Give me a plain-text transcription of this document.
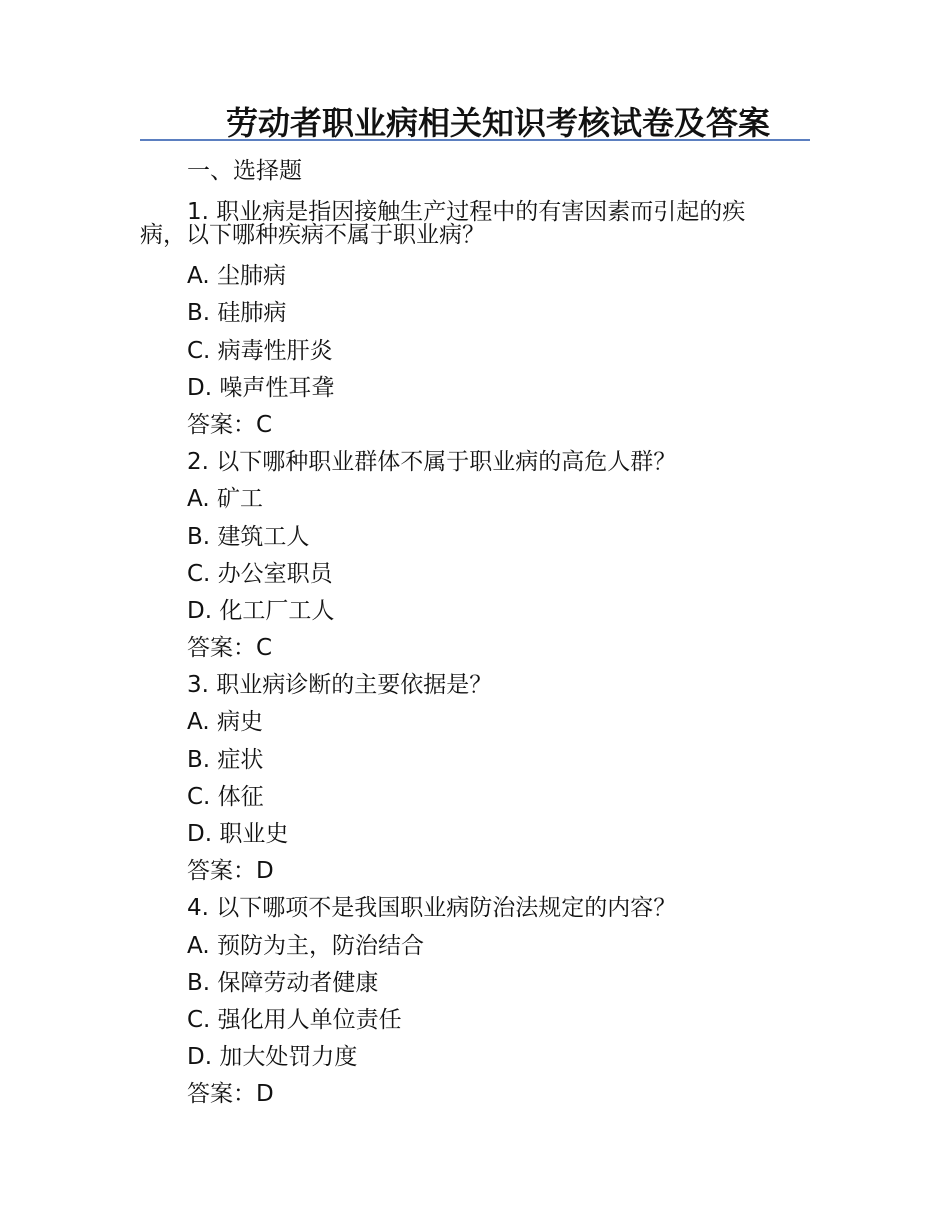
劳动者职业病相关知识考核试卷及答案
一、选择题
1. 职业病是指因接触生产过程中的有害因素而引起的疾
病，以下哪种疾病不属于职业病？
A. 尘肺病
B. 硅肺病
C. 病毒性肝炎
D. 噪声性耳聋
答案：C
2. 以下哪种职业群体不属于职业病的高危人群？
A. 矿工
B. 建筑工人
C. 办公室职员
D. 化工厂工人
答案：C
3. 职业病诊断的主要依据是？
A. 病史
B. 症状
C. 体征
D. 职业史
答案：D
4. 以下哪项不是我国职业病防治法规定的内容？
A. 预防为主，防治结合
B. 保障劳动者健康
C. 强化用人单位责任
D. 加大处罚力度
答案：D
